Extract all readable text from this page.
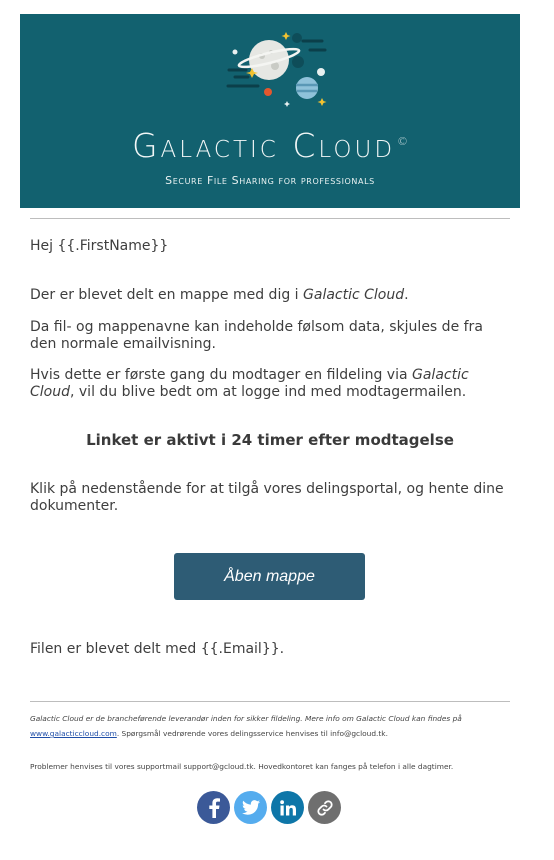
Galactic Cloud ©
Secure File Sharing for professionals
Hej {{.FirstName}}
Der er blevet delt en mappe med dig i Galactic Cloud.
Da fil- og mappenavne kan indeholde følsom data, skjules de fra den normale emailvisning.
Hvis dette er første gang du modtager en fildeling via Galactic Cloud, vil du blive bedt om at logge ind med modtagermailen.
Linket er aktivt i 24 timer efter modtagelse
Klik på nedenstående for at tilgå vores delingsportal, og hente dine dokumenter.
Åben mappe
Filen er blevet delt med {{.Email}}.
Galactic Cloud er de brancheførende leverandør inden for sikker fildeling. Mere info om Galactic Cloud kan findes på www.galacticcloud.com. Spørgsmål vedrørende vores delingsservice henvises til info@gcloud.tk.
Problemer henvises til vores supportmail support@gcloud.tk. Hovedkontoret kan fanges på telefon i alle dagtimer.
